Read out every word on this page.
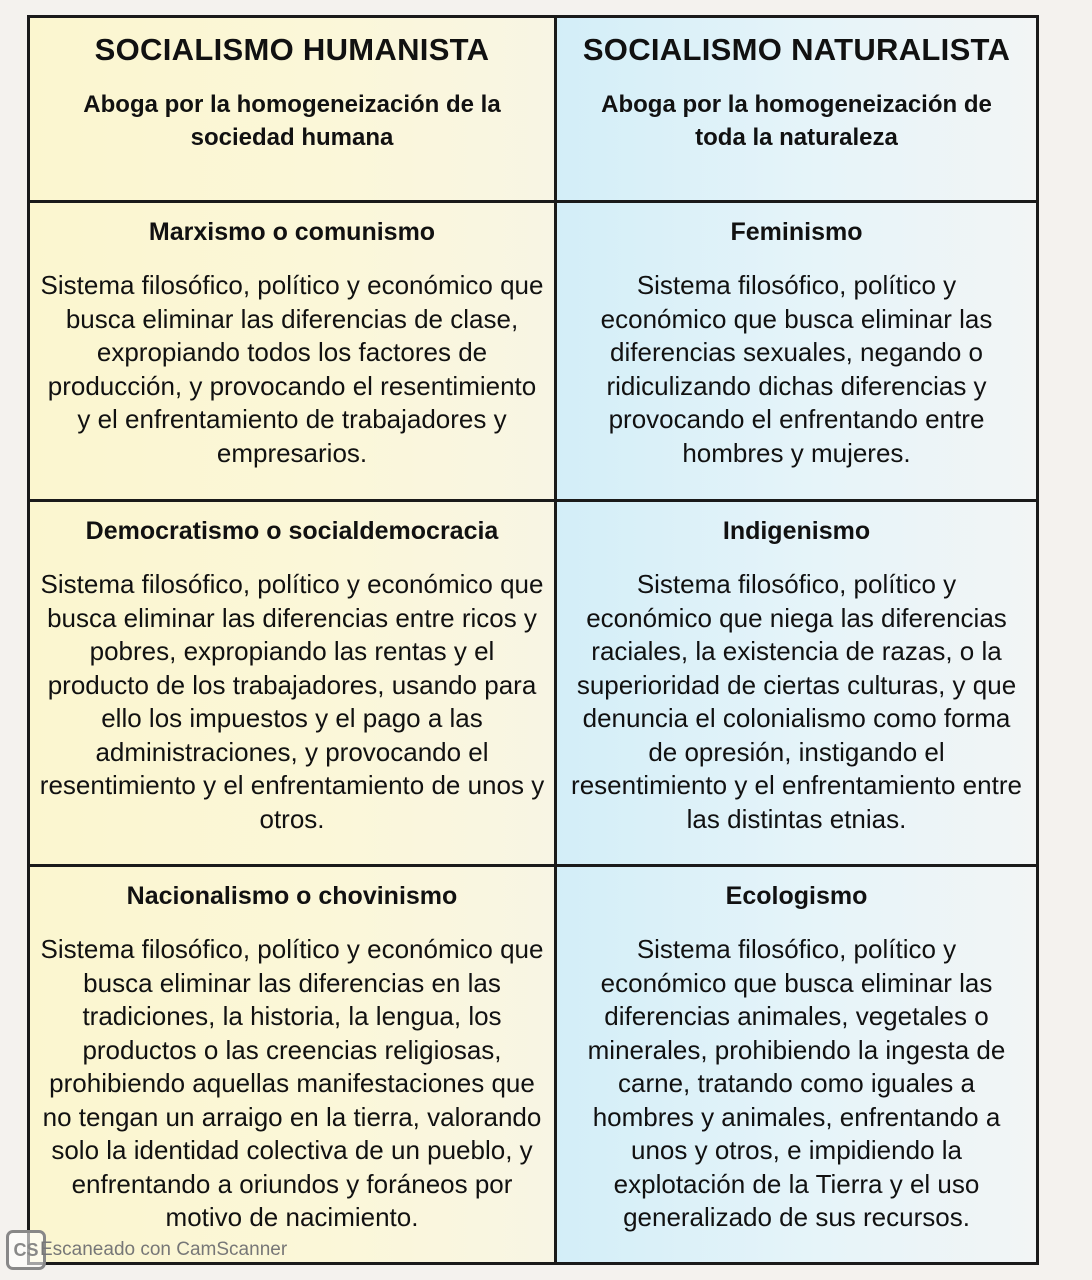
SOCIALISMO HUMANISTA
Aboga por la homogeneización de la sociedad humana
SOCIALISMO NATURALISTA
Aboga por la homogeneización de toda la naturaleza
Marxismo o comunismo
Sistema filosófico, político y económico que busca eliminar las diferencias de clase, expropiando todos los factores de producción, y provocando el resentimiento y el enfrentamiento de trabajadores y empresarios.
Feminismo
Sistema filosófico, político y económico que busca eliminar las diferencias sexuales, negando o ridiculizando dichas diferencias y provocando el enfrentando entre hombres y mujeres.
Democratismo o socialdemocracia
Sistema filosófico, político y económico que busca eliminar las diferencias entre ricos y pobres, expropiando las rentas y el producto de los trabajadores, usando para ello los impuestos y el pago a las administraciones, y provocando el resentimiento y el enfrentamiento de unos y otros.
Indigenismo
Sistema filosófico, político y económico que niega las diferencias raciales, la existencia de razas, o la superioridad de ciertas culturas, y que denuncia el colonialismo como forma de opresión, instigando el resentimiento y el enfrentamiento entre las distintas etnias.
Nacionalismo o chovinismo
Sistema filosófico, político y económico que busca eliminar las diferencias en las tradiciones, la historia, la lengua, los productos o las creencias religiosas, prohibiendo aquellas manifestaciones que no tengan un arraigo en la tierra, valorando solo la identidad colectiva de un pueblo, y enfrentando a oriundos y foráneos por motivo de nacimiento.
Ecologismo
Sistema filosófico, político y económico que busca eliminar las diferencias animales, vegetales o minerales, prohibiendo la ingesta de carne, tratando como iguales a hombres y animales, enfrentando a unos y otros, e impidiendo la explotación de la Tierra y el uso generalizado de sus recursos.
CS Escaneado con CamScanner
